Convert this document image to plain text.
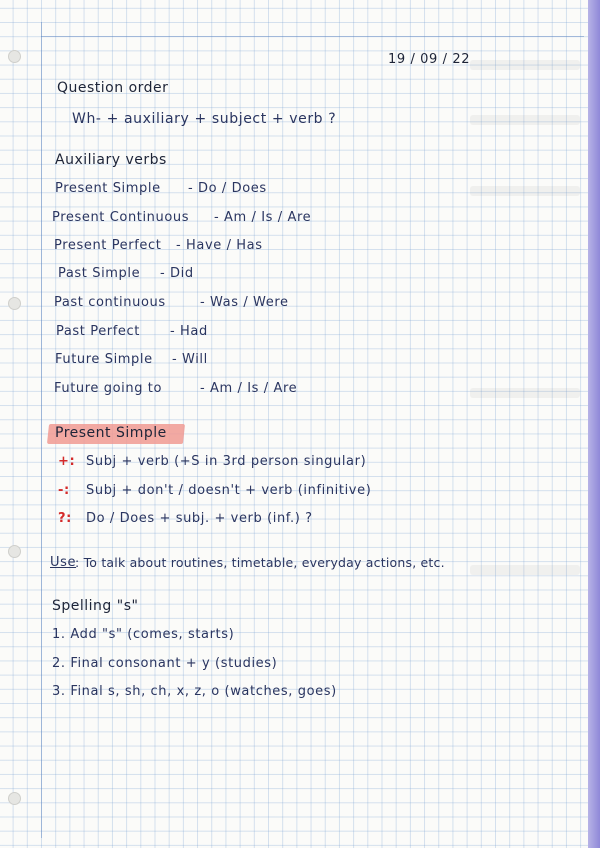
19 / 09 / 22
Question order
Wh- + auxiliary + subject + verb ?
Auxiliary verbs
Present Simple - Do / Does
Present Continuous - Am / Is / Are
Present Perfect - Have / Has
Past Simple - Did
Past continuous	- Was / Were
Past Perfect - Had
Future Simple - Will
Future going to	- Am / Is / Are
Present Simple
+: Subj + verb (+S in 3rd person singular)
-: Subj + don't / doesn't + verb (infinitive)
?: Do / Does + subj. + verb (inf.) ?
Use
: To talk about routines, timetable, everyday actions, etc.
Spelling "s"
1. Add "s" (comes, starts)
2. Final consonant + y (studies)
3. Final s, sh, ch, x, z, o (watches, goes)
